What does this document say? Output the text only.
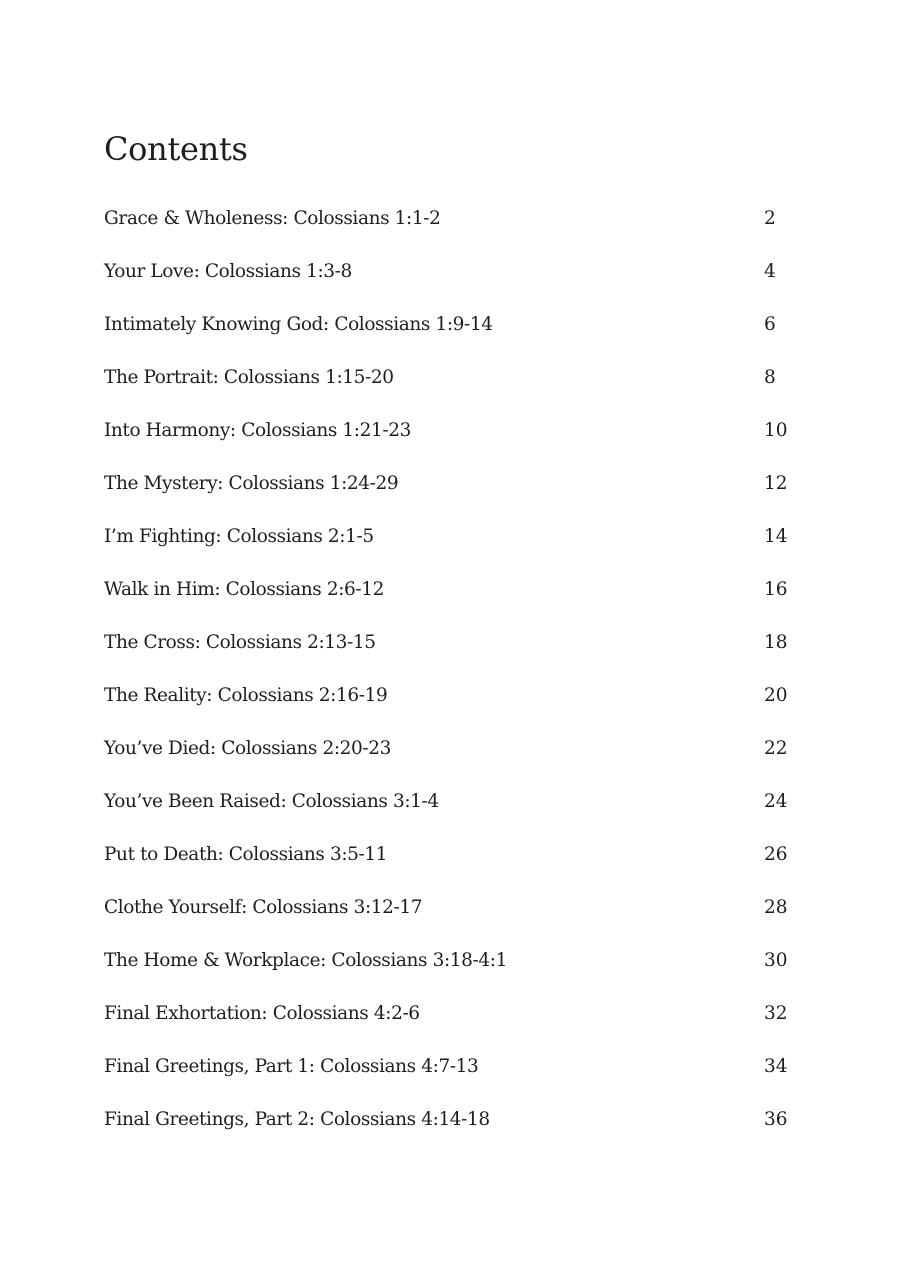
Contents
Grace & Wholeness: Colossians 1:1-2	2
Your Love: Colossians 1:3-8	4
Intimately Knowing God: Colossians 1:9-14	6
The Portrait: Colossians 1:15-20	8
Into Harmony: Colossians 1:21-23	10
The Mystery: Colossians 1:24-29	12
I’m Fighting: Colossians 2:1-5	14
Walk in Him: Colossians 2:6-12	16
The Cross: Colossians 2:13-15	18
The Reality: Colossians 2:16-19	20
You’ve Died: Colossians 2:20-23	22
You’ve Been Raised: Colossians 3:1-4	24
Put to Death: Colossians 3:5-11	26
Clothe Yourself: Colossians 3:12-17	28
The Home & Workplace: Colossians 3:18-4:1	30
Final Exhortation: Colossians 4:2-6	32
Final Greetings, Part 1: Colossians 4:7-13	34
Final Greetings, Part 2: Colossians 4:14-18	36
